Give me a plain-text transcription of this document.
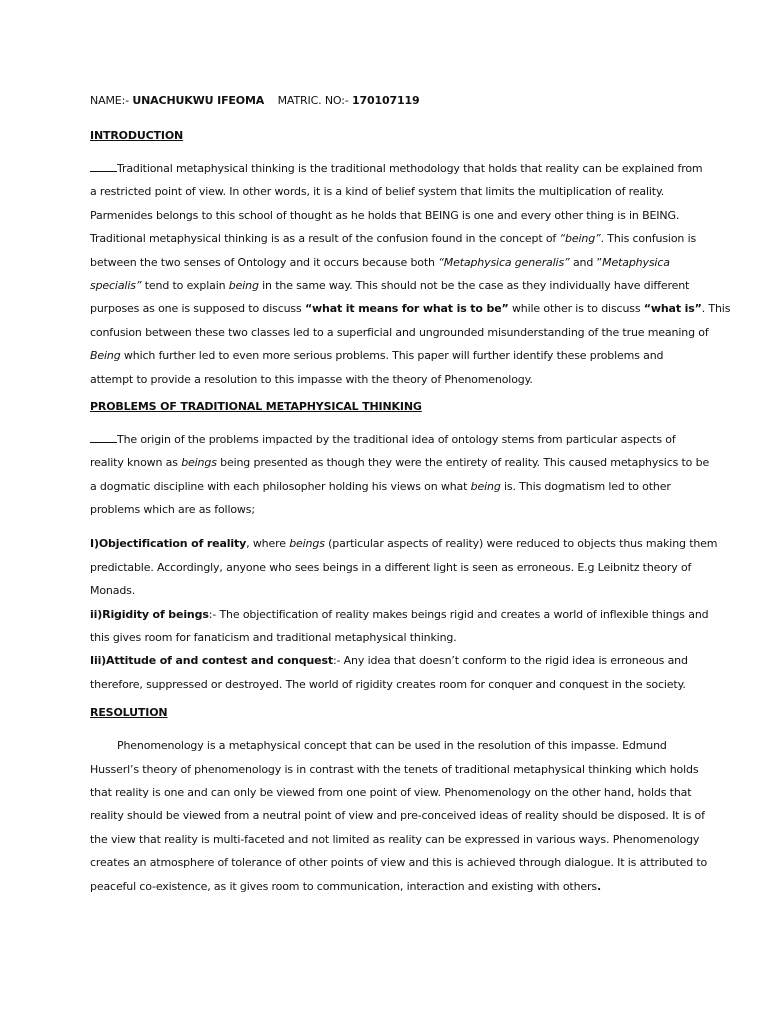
NAME:- UNACHUKWU IFEOMA MATRIC. NO:- 170107119
INTRODUCTION
Traditional metaphysical thinking is the traditional methodology that holds that reality can be explained from
a restricted point of view. In other words, it is a kind of belief system that limits the multiplication of reality.
Parmenides belongs to this school of thought as he holds that BEING is one and every other thing is in BEING.
Traditional metaphysical thinking is as a result of the confusion found in the concept of “being”. This confusion is
between the two senses of Ontology and it occurs because both “Metaphysica generalis” and ”Metaphysica
specialis” tend to explain being in the same way. This should not be the case as they individually have different
purposes as one is supposed to discuss “what it means for what is to be” while other is to discuss “what is”. This
confusion between these two classes led to a superficial and ungrounded misunderstanding of the true meaning of
Being which further led to even more serious problems. This paper will further identify these problems and
attempt to provide a resolution to this impasse with the theory of Phenomenology.
PROBLEMS OF TRADITIONAL METAPHYSICAL THINKING
The origin of the problems impacted by the traditional idea of ontology stems from particular aspects of
reality known as beings being presented as though they were the entirety of reality. This caused metaphysics to be
a dogmatic discipline with each philosopher holding his views on what being is. This dogmatism led to other
problems which are as follows;
I)Objectification of reality, where beings (particular aspects of reality) were reduced to objects thus making them
predictable. Accordingly, anyone who sees beings in a different light is seen as erroneous. E.g Leibnitz theory of
Monads.
ii)Rigidity of beings:- The objectification of reality makes beings rigid and creates a world of inflexible things and
this gives room for fanaticism and traditional metaphysical thinking.
Iii)Attitude of and contest and conquest:- Any idea that doesn’t conform to the rigid idea is erroneous and
therefore, suppressed or destroyed. The world of rigidity creates room for conquer and conquest in the society.
RESOLUTION
Phenomenology is a metaphysical concept that can be used in the resolution of this impasse. Edmund
Husserl’s theory of phenomenology is in contrast with the tenets of traditional metaphysical thinking which holds
that reality is one and can only be viewed from one point of view. Phenomenology on the other hand, holds that
reality should be viewed from a neutral point of view and pre-conceived ideas of reality should be disposed. It is of
the view that reality is multi-faceted and not limited as reality can be expressed in various ways. Phenomenology
creates an atmosphere of tolerance of other points of view and this is achieved through dialogue. It is attributed to
peaceful co-existence, as it gives room to communication, interaction and existing with others.
